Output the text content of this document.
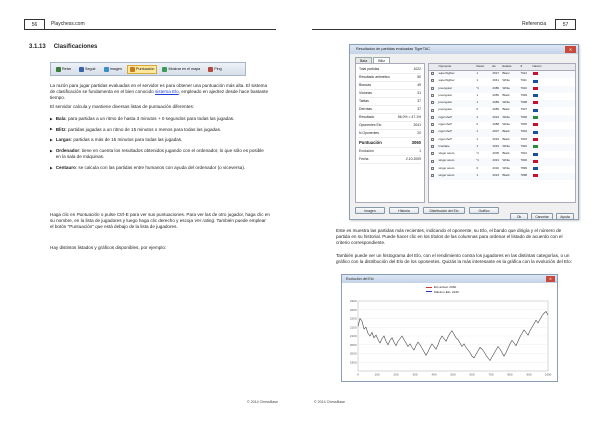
56	Playchess.com
3.1.13 Clasificaciones
Retar	Seguir	Imagen	Puntuación	Mostrar en el mapa	Ping
La razón para jugar partidas evaluadas en el servidor es para obtener una puntuación más alta. El sistema de clasificación se fundamenta en el bien conocido sistema Elo, empleado en ajedrez desde hace bastante tiempo.
El servidor calcula y mantiene diversas listas de puntuación diferentes:
▶ Bala: para partidas a un ritmo de hasta 3 minutos + 0 segundos para todas las jugadas.
▶ Blitz: partidas jugadas a un ritmo de 15 minutos o menos para todas las jugadas.
▶ Largas: partidas a más de 15 minutos para todas las jugadas.
▶ Ordenador: tiene en cuenta los resultados obtenidos jugando con el ordenador, lo que sólo es posible en la sala de máquinas.
▶ Centauro: se calcula con las partidas entre humanos con ayuda del ordenador (o viceversa).
Haga clic en Puntuación o pulse Ctrl-E para ver sus puntuaciones. Para ver las de otro jugador, haga clic en su nombre, en la lista de jugadores y luego haga clic derecho y escoja Ver rating. También puede emplear el botón "Puntuación" que está debajo de la lista de jugadores.
Hay distintos listados y gráficos disponibles, por ejemplo:
© 2014 ChessBase	© 2014 ChessBase
Referencia	57
Resultados de partidas evaluadas TigerTAC	✕
Bala	Blitz
Total partidas	1022
Resultado aritmético	50
Blancas	49
Victorias	31
Tablas	37
Derrotas	37
Resultado	56.0% = 47.1%
Oponentes Elo	2041
N.Oponentes	20
Puntuación	3060
Evolución	1
Fecha	2.10.2009
Oponente	Resul.	Ev	Estado	#	Nación
superhighter	1	2527	Blanc	7912
superhighter	1	2641	White	7911
jovenguiar	½	2086	White	7910
jovenguiar	1	2066	Black	7909
jovenguiar	1	2089	White	7908
jovenguiar	0	2089	Black	7907
nigel sheff	1	2024	White	7906
nigel sheff	0	2088	White	7905
nigel sheff	1	2007	Black	7904
nigel sheff	1	2034	Black	7903
Interlake	1	2034	White	7902
singer acero	½	2005	Black	7901
singer acero	½	2031	White	7900
singer acero	0	2010	White	7899
singer acero	1	2023	Black	7898
Imagen	Historia	Distribución del Elo	Gráfico
Ok	Cancelar	Ayuda
Este es muestra las partidas más recientes, indicando el oponente, su Elo, el bando que dirigía y el número de partida en su historial. Puede hacer clic en los títulos de las columnas para ordenar el listado de acuerdo con el criterio correspondiente.
También puede ver un histograma del Elo, con el rendimiento contra los jugadores en las distintas categorías, o un gráfico con la distribución del Elo de los oponentes. Quizás la más interesante es la gráfica con la evolución del Elo:
Evolución del Elo	✕
Elo actual: 2060
Máximo Elo: 2240
2300
2250
2200
2150
2100
2050
2000
1950
0	100	200	300	400	500	600	700	800	900	1000
